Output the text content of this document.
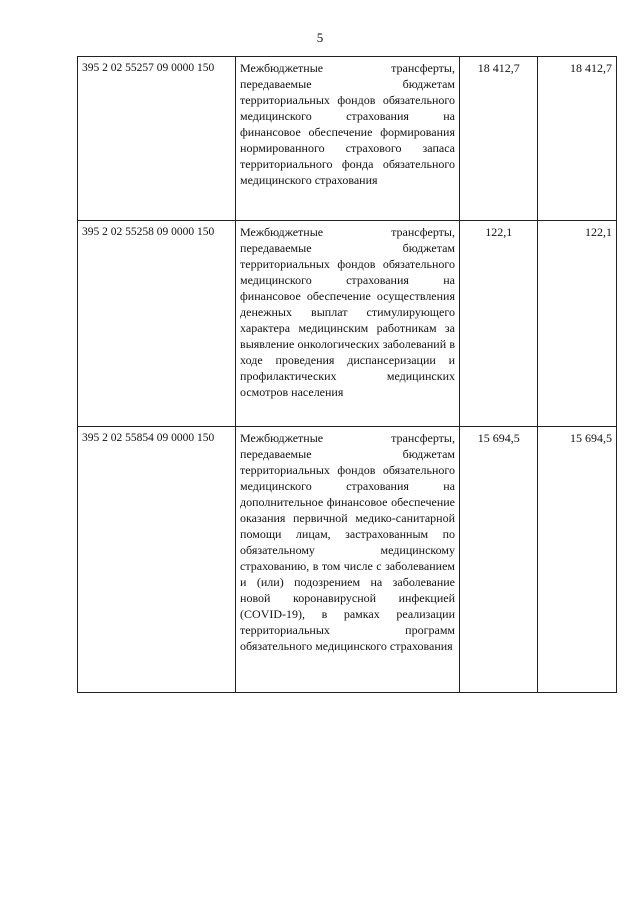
5
395 2 02 55257 09 0000 150	Межбюджетные трансферты, передаваемые бюджетам территориальных фондов обязательного медицинского страхования на финансовое обеспечение формирования нормированного страхового запаса территориального фонда обязательного медицинского страхования	18 412,7	18 412,7
395 2 02 55258 09 0000 150	Межбюджетные трансферты, передаваемые бюджетам территориальных фондов обязательного медицинского страхования на финансовое обеспечение осуществления денежных выплат стимулирующего характера медицинским работникам за выявление онкологических заболеваний в ходе проведения диспансеризации и профилактических медицинских осмотров населения	122,1	122,1
395 2 02 55854 09 0000 150	Межбюджетные трансферты, передаваемые бюджетам территориальных фондов обязательного медицинского страхования на дополнительное финансовое обеспечение оказания первичной медико-санитарной помощи лицам, застрахованным по обязательному медицинскому страхованию, в том числе с заболеванием и (или) подозрением на заболевание новой коронавирусной инфекцией (COVID-19), в рамках реализации территориальных программ обязательного медицинского страхования	15 694,5	15 694,5
